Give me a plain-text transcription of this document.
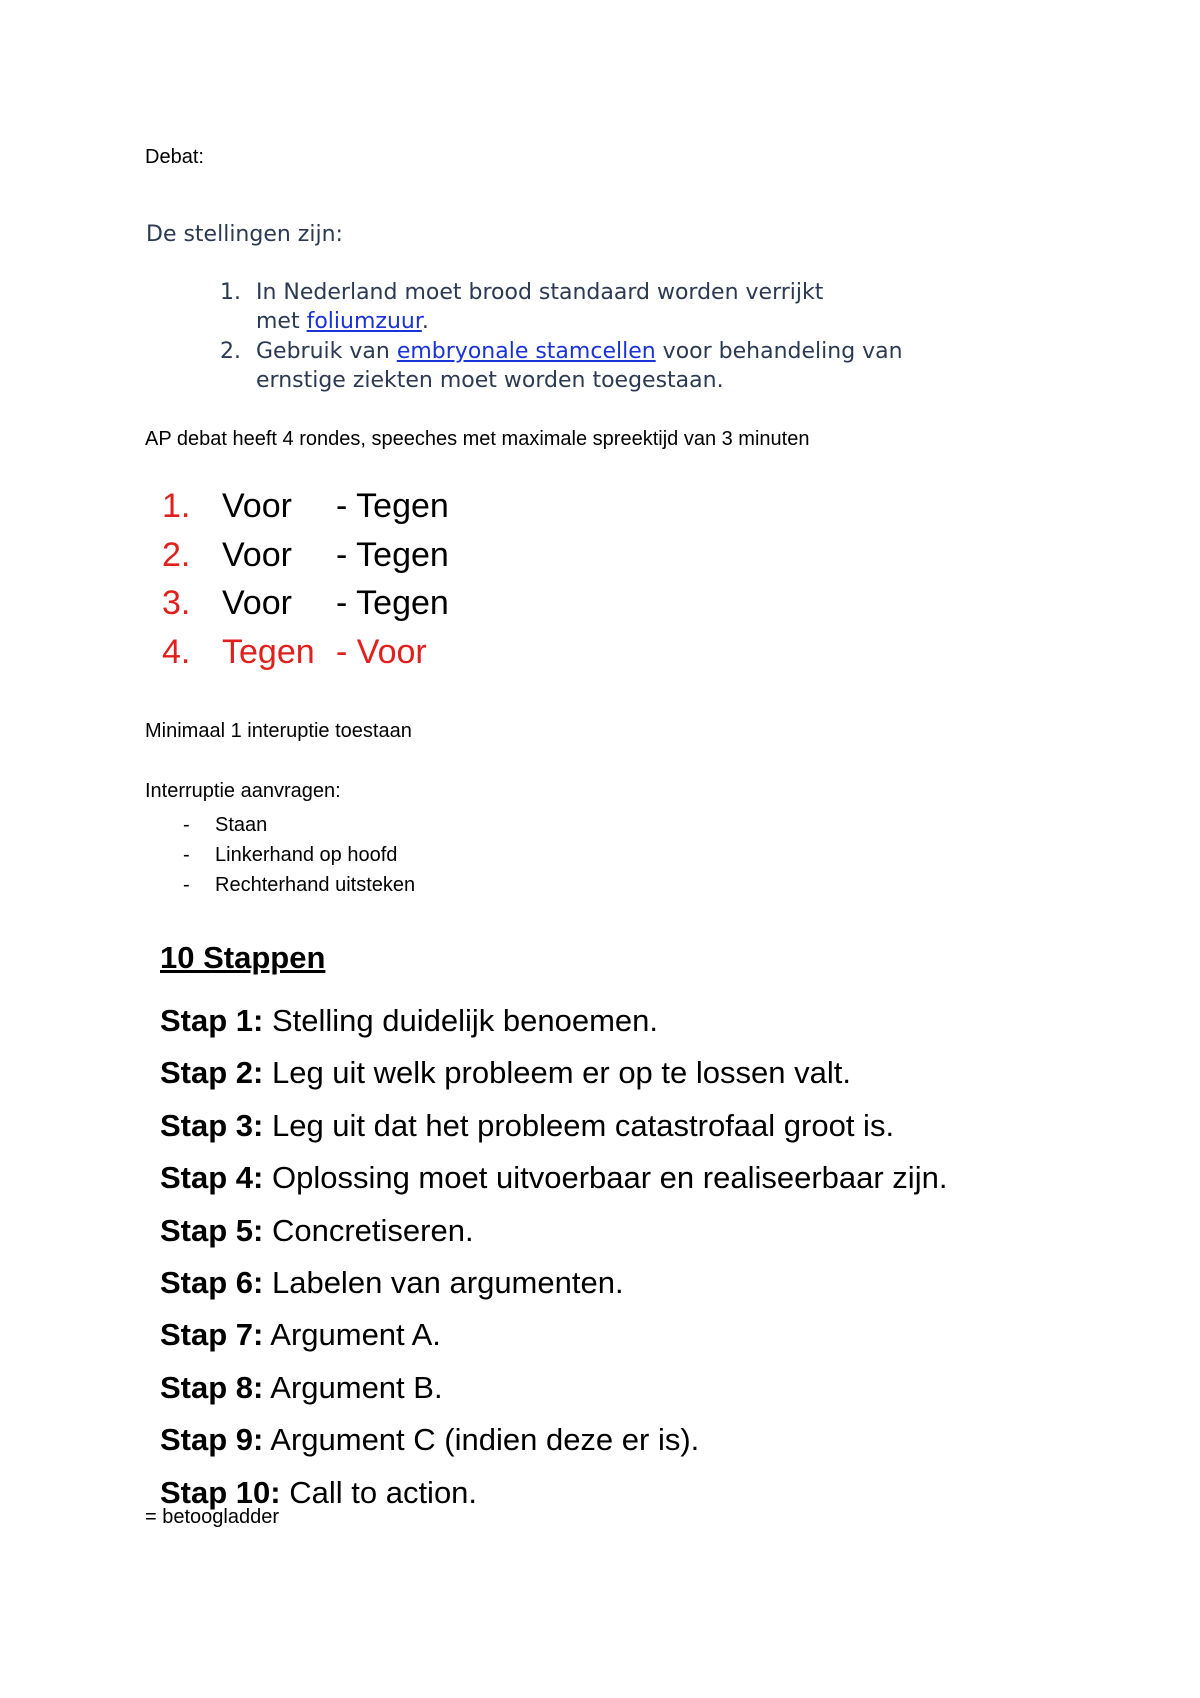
Debat:
De stellingen zijn:
1. In Nederland moet brood standaard worden verrijkt
met foliumzuur.
2. Gebruik van embryonale stamcellen voor behandeling van
ernstige ziekten moet worden toegestaan.
AP debat heeft 4 rondes, speeches met maximale spreektijd van 3 minuten
1. Voor - Tegen
2. Voor - Tegen
3. Voor - Tegen
4. Tegen - Voor
Minimaal 1 interuptie toestaan
Interruptie aanvragen:
- Staan
- Linkerhand op hoofd
- Rechterhand uitsteken
10 Stappen
Stap 1: Stelling duidelijk benoemen.
Stap 2: Leg uit welk probleem er op te lossen valt.
Stap 3: Leg uit dat het probleem catastrofaal groot is.
Stap 4: Oplossing moet uitvoerbaar en realiseerbaar zijn.
Stap 5: Concretiseren.
Stap 6: Labelen van argumenten.
Stap 7: Argument A.
Stap 8: Argument B.
Stap 9: Argument C (indien deze er is).
Stap 10: Call to action.
= betoogladder
